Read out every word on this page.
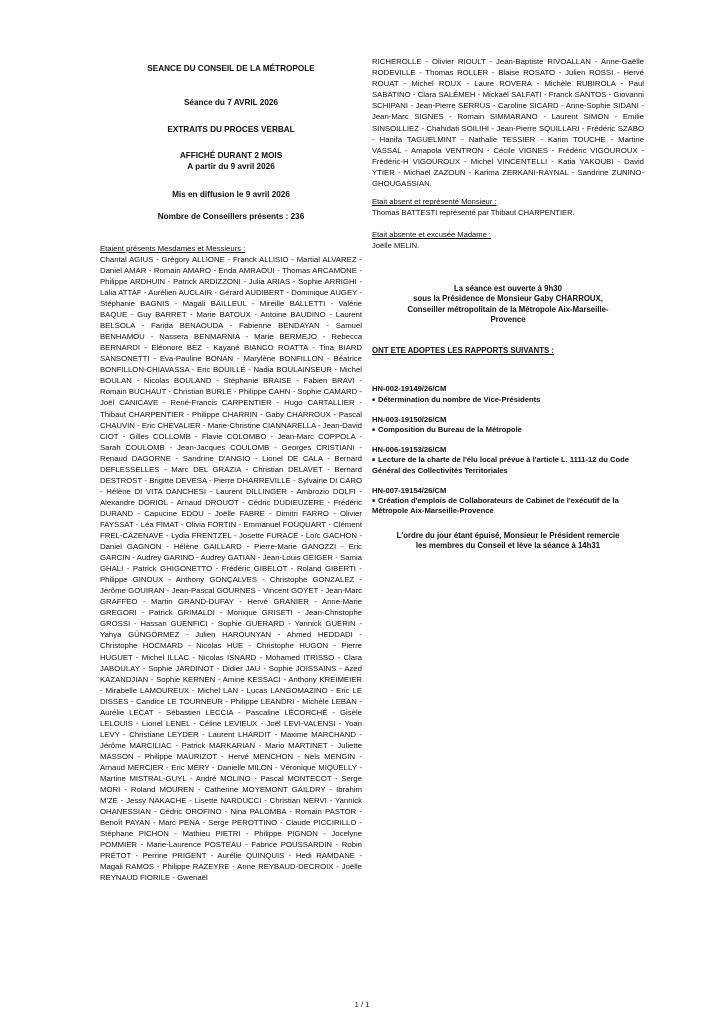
SEANCE DU CONSEIL DE LA MÉTROPOLE

Séance du 7 AVRIL 2026

EXTRAITS DU PROCES VERBAL

AFFICHÉ DURANT 2 MOIS

A partir du 9 avril 2026

Mis en diffusion le 9 avril 2026

Nombre de Conseillers présents : 236

Etaient présents Mesdames et Messieurs :

Chantal AGIUS - Grégory ALLIONE - Franck ALLISIO - Martial ALVAREZ - Daniel AMAR - Romain AMARO - Enda AMRAOUI - Thomas ARCAMONE - Philippe ARDHUIN - Patrick ARDIZZONI - Julia ARIAS - Sophie ARRIGHI - Lalia ATTAF - Aurélien AUCLAIR - Gérard AUDIBERT - Dominique AUGEY - Stéphanie BAGNIS - Magali BAILLEUL - Mireille BALLETTI - Valérie BAQUE - Guy BARRET - Marie BATOUX - Antoine BAUDINO - Laurent BELSOLA - Farida BENAOUDA - Fabienne BENDAYAN - Samuel BENHAMOU - Nassera BENMARNIA - Marie BERMEJO - Rebecca BERNARDI - Eléonore BEZ - Kayané BIANCO ROATTA - Tina BIARD SANSONETTI - Eva-Pauline BONAN - Marylène BONFILLON - Béatrice BONFILLON-CHIAVASSA - Eric BOUILLÉ - Nadia BOULAINSEUR - Michel BOULAN - Nicolas BOULAND - Stéphanie BRAISE - Fabien BRAVI - Romain BUCHAUT - Christian BURLE - Philippe CAHN - Sophie CAMARD - Joël CANICAVE - René-Francis CARPENTIER - Hugo CARTALLIER - Thibaut CHARPENTIER - Philippe CHARRIN - Gaby CHARROUX - Pascal CHAUVIN - Eric CHEVALIER - Marie-Christine CIANNARELLA - Jean-David CIOT - Gilles COLLOMB - Flavie COLOMBO - Jean-Marc COPPOLA - Sarah COULOMB - Jean-Jacques COULOMB - Georges CRISTIANI - Renaud DAGORNE - Sandrine D'ANGIO - Lionel DE CALA - Bernard DEFLESSELLES - Marc DEL GRAZIA - Christian DELAVET - Bernard DESTROST - Brigitte DEVESA - Pierre DHARREVILLE - Sylvaine DI CARO - Hélène DI VITA DANCHESI - Laurent DILLINGER - Ambrozio DOLFI - Alexandre DORIOL - Arnaud DROUOT - Cédric DUDIEUZERE - Frédéric DURAND - Capucine EDOU - Joëlle FABRE - Dimitri FARRO - Olivier FAYSSAT - Léa FIMAT - Olivia FORTIN - Emmanuel FOUQUART - Clément FREL-CAZENAVE - Lydia FRENTZEL - Josette FURACE - Loïc GACHON - Daniel GAGNON - Hélène GAILLARD - Pierre-Marie GANOZZI - Eric GARCIN - Audrey GARINO - Audrey GATIAN - Jean-Louis GEIGER - Samia GHALI - Patrick GHIGONETTO - Frédéric GIBELOT - Roland GIBERTI - Philippe GINOUX - Anthony GONÇALVES - Christophe GONZALEZ - Jérôme GOUIRAN - Jean-Pascal GOURNES - Vincent GOYET - Jean-Marc GRAFFEO - Martin GRAND-DUFAY - Hervé GRANIER - Anne-Marie GREGORI - Patrick GRIMALDI - Monique GRISETI - Jean-Christophe GROSSI - Hassan GUENFICI - Sophie GUERARD - Yannick GUERIN - Yahya GÜNGÖRMEZ - Julien HAROUNYAN - Ahmed HEDDADI - Christophe HOCMARD - Nicolas HUE - Christophe HUGON - Pierre HUGUET - Michel ILLAC - Nicolas ISNARD - Mohamed ITRISSO - Clara JABOULAY - Sophie JARDINOT - Didier JAU - Sophie JOISSAINS - Azed KAZANDJIAN - Sophie KERNEN - Amine KESSACI - Anthony KREIMEIER - Mirabelle LAMOUREUX - Michel LAN - Lucas LANGOMAZINO - Eric LE DISSES - Candice LE TOURNEUR - Philippe LEANDRI - Michèle LEBAN - Aurélie LECAT - Sébastien LECCIA - Pascaline LÉCORCHÉ - Gisèle LELOUIS - Lionel LENEL - Céline LEVIEUX - Joël LEVI-VALENSI - Yoan LEVY - Christiane LEYDER - Laurent LHARDIT - Maxime MARCHAND - Jérôme MARCILIAC - Patrick MARKARIAN - Mario MARTINET - Juliette MASSON - Philippe MAURIZOT - Hervé MENCHON - Nels MENGIN - Arnaud MERCIER - Eric MERY - Danielle MILON - Véronique MIQUELLY - Martine MISTRAL-GUYL - André MOLINO - Pascal MONTECOT - Serge MORI - Roland MOUREN - Catherine MOYEMONT GAILDRY - Ibrahim M'ZE - Jessy NAKACHE - Lisette NARDUCCI - Christian NERVI - Yannick OHANESSIAN - Cédric OROFINO - Nina PALOMBA - Romain PASTOR - Benoît PAYAN - Marc PENA - Serge PEROTTINO - Claude PICCIRILLO - Stéphane PICHON - Mathieu PIETRI - Philippe PIGNON - Jocelyne POMMIER - Marie-Laurence POSTEAU - Fabrice POUSSARDIN - Robin PRÉTOT - Perrine PRIGENT - Aurélie QUINQUIS - Hedi RAMDANE - Magali RAMOS - Philippe RAZEYRE - Anne REYBAUD-DECROIX - Joëlle REYNAUD FIORILE - Gwenaël

RICHEROLLE - Olivier RIOULT - Jean-Baptiste RIVOALLAN - Anne-Gaëlle RODEVILLE - Thomas ROLLER - Blaise ROSATO - Julien ROSSI - Hervé ROUAT - Michel ROUX - Laure ROVERA - Michèle RUBIROLA - Paul SABATINO - Clara SALÉMEH - Mickaël SALFATI - Franck SANTOS - Giovanni SCHIPANI - Jean-Pierre SERRUS - Caroline SICARD - Anne-Sophie SIDANI - Jean-Marc SIGNES - Romain SIMMARANO - Laurent SIMON - Emilie SINSOILLIEZ - Chahidati SOILIHI - Jean-Pierre SQUILLARI - Frédéric SZABO - Hanifa TAGUELMINT - Nathalie TESSIER - Karim TOUCHE - Martine VASSAL - Amapola VENTRON - Cécile VIGNES - Frédéric VIGOUROUX - Frédéric-H VIGOUROUX - Michel VINCENTELLI - Katia YAKOUBI - David YTIER - Michaël ZAZOUN - Karima ZERKANI-RAYNAL - Sandrine ZUNINO-GHOUGASSIAN.

Etait absent et représenté Monsieur :

Thomas BATTESTI représenté par Thibaut CHARPENTIER.

Etait absente et excusée Madame :

Joëlle MELIN.

La séance est ouverte à 9h30

sous la Présidence de Monsieur Gaby CHARROUX,

Conseiller métropolitain de la Métropole Aix-Marseille-

Provence

ONT ETE ADOPTES LES RAPPORTS SUIVANTS :

HN-002-19149/26/CM
■ Détermination du nombre de Vice-Présidents
HN-003-19150/26/CM
■ Composition du Bureau de la Métropole
HN-006-19153/26/CM
■ Lecture de la charte de l'élu local prévue à l'article L. 1111-12 du Code Général des Collectivités Territoriales
HN-007-19154/26/CM
■ Création d'emplois de Collaborateurs de Cabinet de l'exécutif de la Métropole Aix-Marseille-Provence

L'ordre du jour étant épuisé, Monsieur le Président remercie

les membres du Conseil et lève la séance à 14h31

1 / 1
